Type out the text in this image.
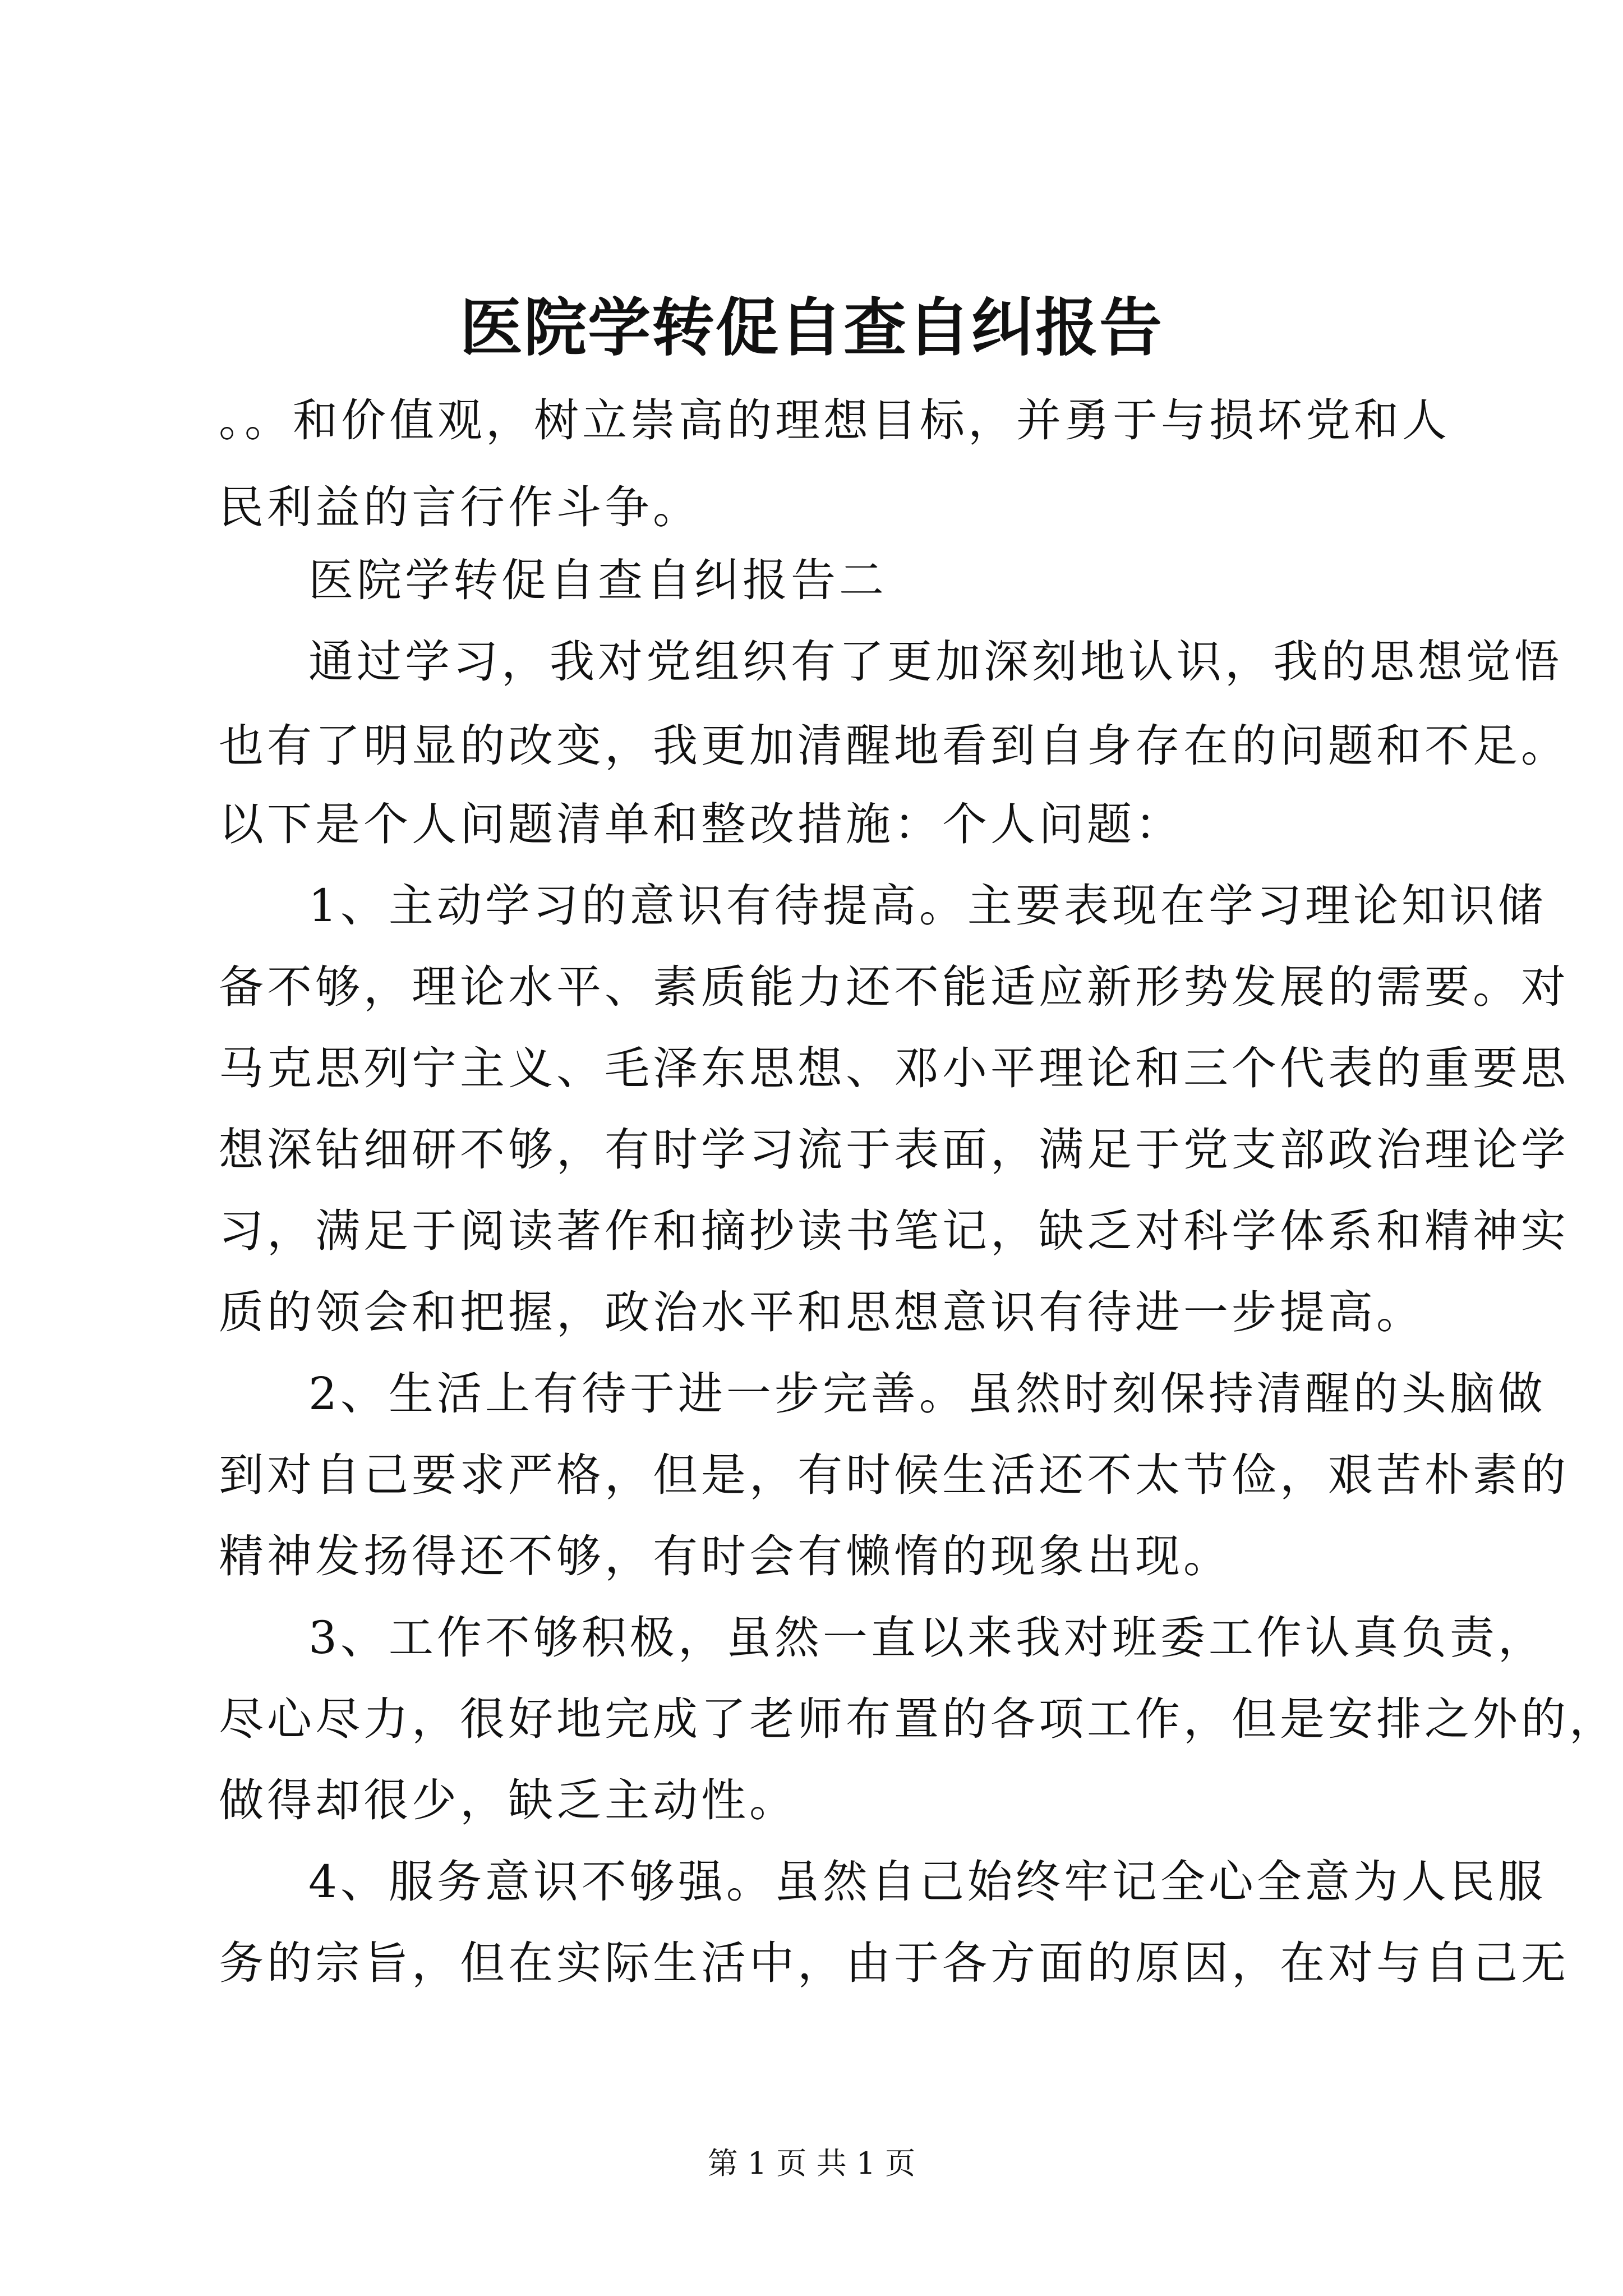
医院学转促自查自纠报告
。。和价值观，树立崇高的理想目标，并勇于与损坏党和人
民利益的言行作斗争。
医院学转促自查自纠报告二
通过学习，我对党组织有了更加深刻地认识，我的思想觉悟
也有了明显的改变，我更加清醒地看到自身存在的问题和不足。
以下是个人问题清单和整改措施：个人问题：
1、主动学习的意识有待提高。主要表现在学习理论知识储
备不够，理论水平、素质能力还不能适应新形势发展的需要。对
马克思列宁主义、毛泽东思想、邓小平理论和三个代表的重要思
想深钻细研不够，有时学习流于表面，满足于党支部政治理论学
习，满足于阅读著作和摘抄读书笔记，缺乏对科学体系和精神实
质的领会和把握，政治水平和思想意识有待进一步提高。
2、生活上有待于进一步完善。虽然时刻保持清醒的头脑做
到对自己要求严格，但是，有时候生活还不太节俭，艰苦朴素的
精神发扬得还不够，有时会有懒惰的现象出现。
3、工作不够积极，虽然一直以来我对班委工作认真负责，
尽心尽力，很好地完成了老师布置的各项工作，但是安排之外的，
做得却很少，缺乏主动性。
4、服务意识不够强。虽然自己始终牢记全心全意为人民服
务的宗旨，但在实际生活中，由于各方面的原因，在对与自己无
第 1 页 共 1 页
